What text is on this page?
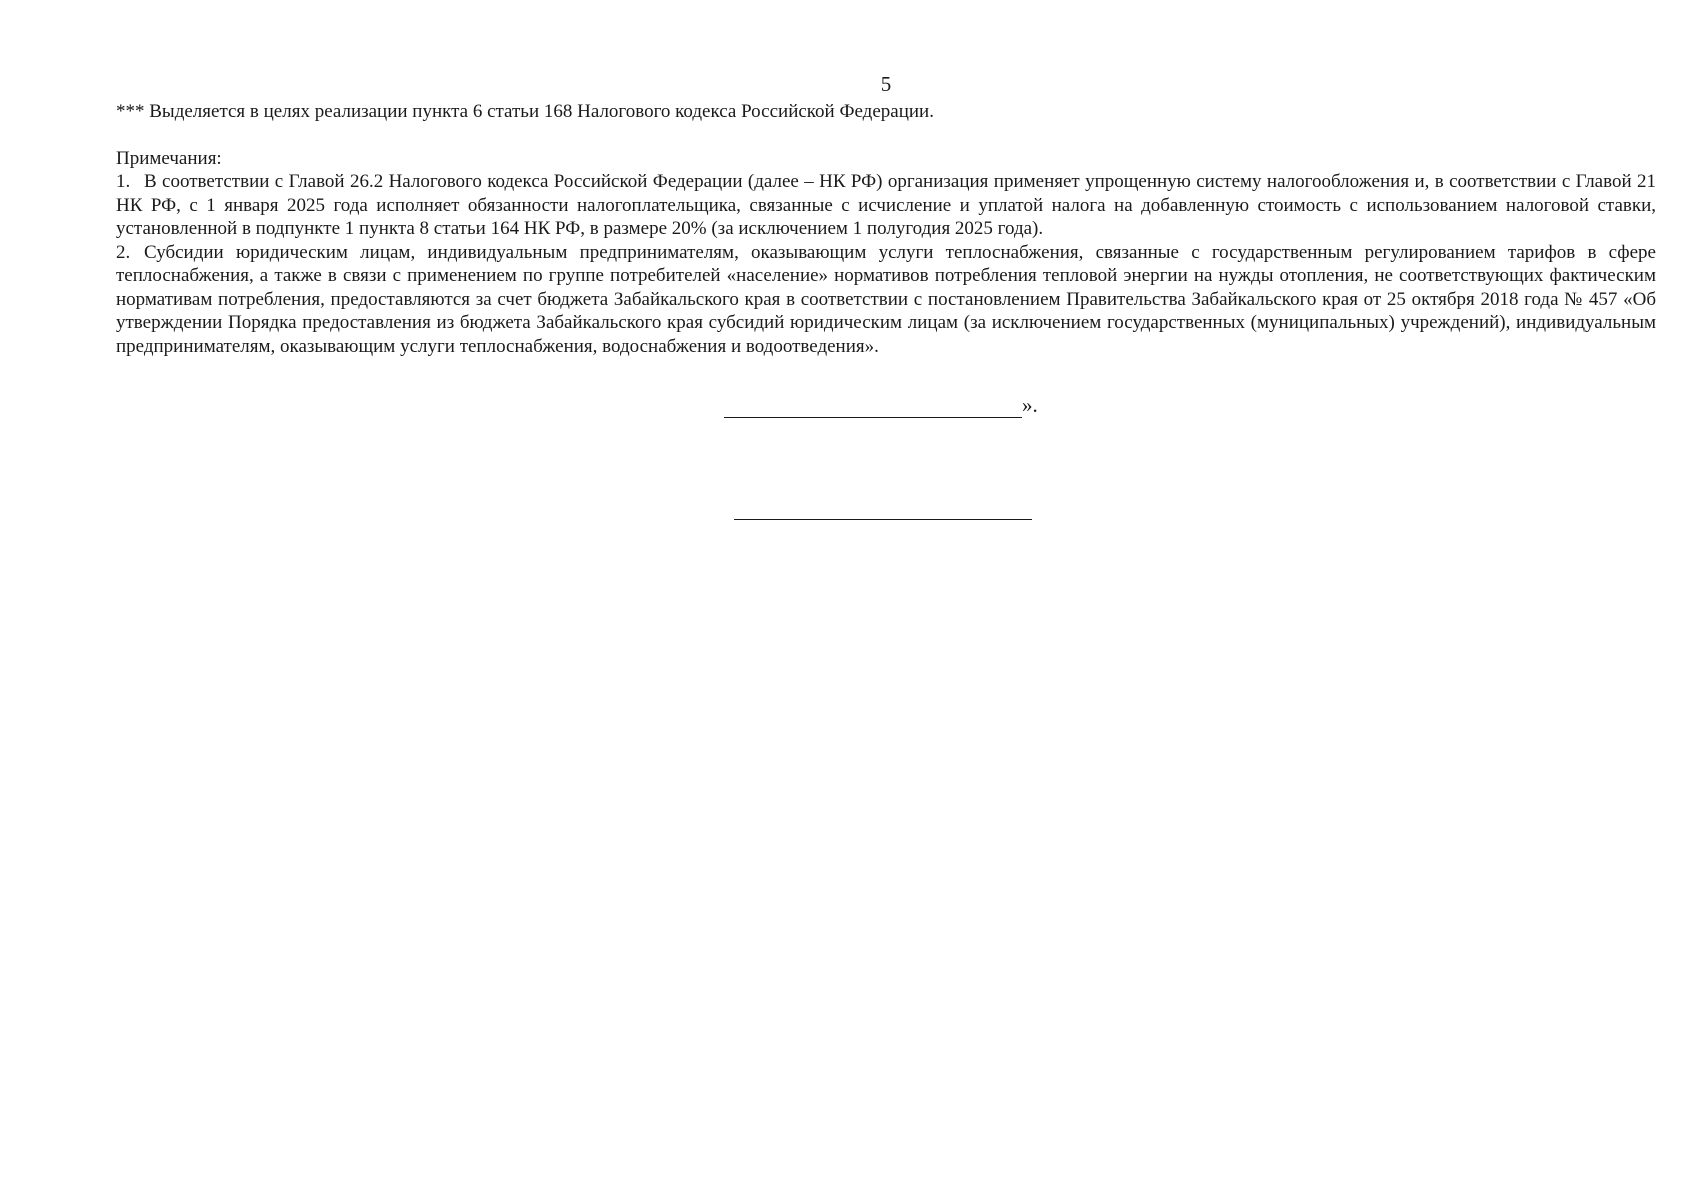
5

*** Выделяется в целях реализации пункта 6 статьи 168 Налогового кодекса Российской Федерации.

Примечания:

1. В соответствии с Главой 26.2 Налогового кодекса Российской Федерации (далее – НК РФ) организация применяет упрощенную систему налогообложения и, в соответствии с Главой 21 НК РФ, с 1 января 2025 года исполняет обязанности налогоплательщика, связанные с исчисление и уплатой налога на добавленную стоимость с использованием налоговой ставки, установленной в подпункте 1 пункта 8 статьи 164 НК РФ, в размере 20% (за исключением 1 полугодия 2025 года).

2. Субсидии юридическим лицам, индивидуальным предпринимателям, оказывающим услуги теплоснабжения, связанные с государственным регулированием тарифов в сфере теплоснабжения, а также в связи с применением по группе потребителей «население» нормативов потребления тепловой энергии на нужды отопления, не соответствующих фактическим нормативам потребления, предоставляются за счет бюджета Забайкальского края в соответствии с постановлением Правительства Забайкальского края от 25 октября 2018 года № 457 «Об утверждении Порядка предоставления из бюджета Забайкальского края субсидий юридическим лицам (за исключением государственных (муниципальных) учреждений), индивидуальным предпринимателям, оказывающим услуги теплоснабжения, водоснабжения и водоотведения».

».
